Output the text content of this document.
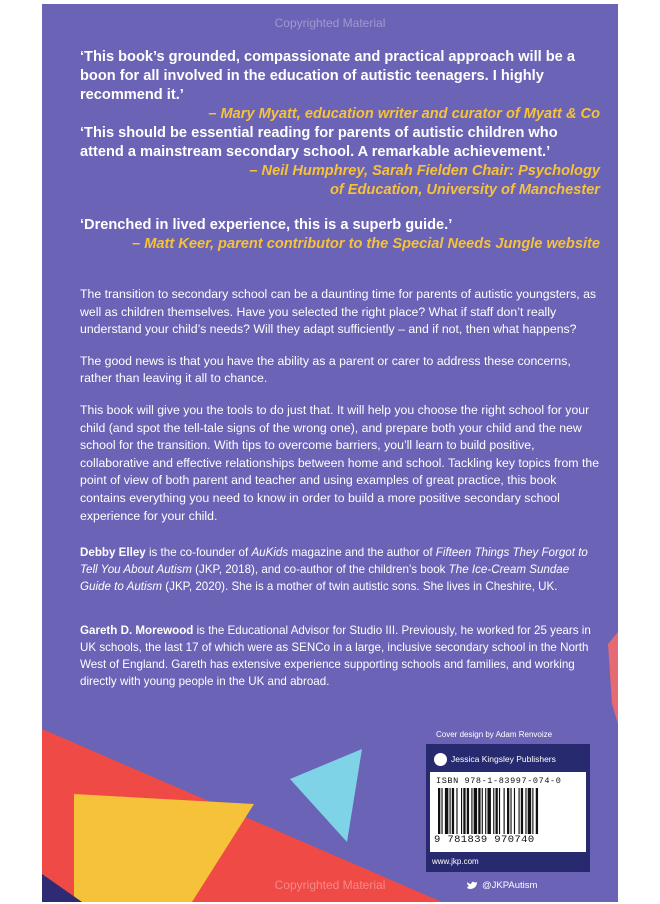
Copyrighted Material
‘This book’s grounded, compassionate and practical approach will be a boon for all involved in the education of autistic teenagers. I highly recommend it.’
– Mary Myatt, education writer and curator of Myatt & Co
‘This should be essential reading for parents of autistic children who attend a mainstream secondary school. A remarkable achievement.’
– Neil Humphrey, Sarah Fielden Chair: Psychology
of Education, University of Manchester
‘Drenched in lived experience, this is a superb guide.’
– Matt Keer, parent contributor to the Special Needs Jungle website

The transition to secondary school can be a daunting time for parents of autistic youngsters, as well as children themselves. Have you selected the right place? What if staff don’t really understand your child’s needs? Will they adapt sufficiently – and if not, then what happens?

The good news is that you have the ability as a parent or carer to address these concerns, rather than leaving it all to chance.

This book will give you the tools to do just that. It will help you choose the right school for your child (and spot the tell-tale signs of the wrong one), and prepare both your child and the new school for the transition. With tips to overcome barriers, you’ll learn to build positive, collaborative and effective relationships between home and school. Tackling key topics from the point of view of both parent and teacher and using examples of great practice, this book contains everything you need to know in order to build a more positive secondary school experience for your child.

Debby Elley is the co-founder of AuKids magazine and the author of Fifteen Things They Forgot to Tell You About Autism (JKP, 2018), and co-author of the children’s book The Ice-Cream Sundae Guide to Autism (JKP, 2020). She is a mother of twin autistic sons. She lives in Cheshire, UK.
Gareth D. Morewood is the Educational Advisor for Studio III. Previously, he worked for 25 years in UK schools, the last 17 of which were as SENCo in a large, inclusive secondary school in the North West of England. Gareth has extensive experience supporting schools and families, and working directly with young people in the UK and abroad.
Cover design by Adam Renvoize
Jessica Kingsley Publishers
ISBN 978-1-83997-074-0
9 781839 970740
www.jkp.com
@JKPAutism
Copyrighted Material
